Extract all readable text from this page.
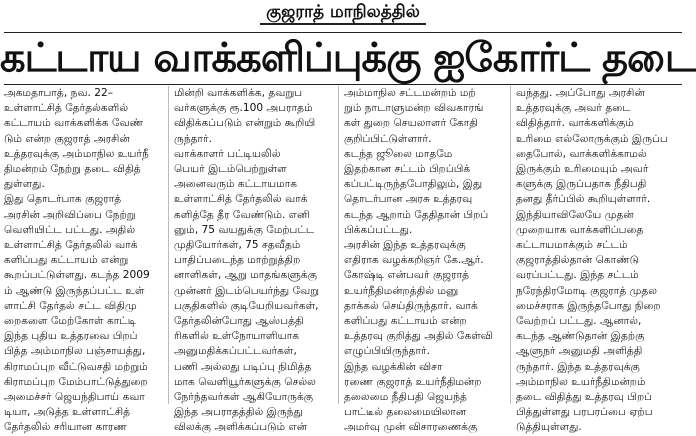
குஜராத் மாநிலத்தில்
கட்டாய வாக்களிப்புக்கு ஐகோர்ட் தடை
அகமதாபாத், நவ. 22–
உள்ளாட்சித் தேர்தல்களில்
கட்டாயம் வாக்களிக்க வேண்
டும் என்ற குஜராத் அரசின்
உத்தரவுக்கு அம்மாநில உயர்நீ
திமன்றம் நேற்று தடை விதித்
துள்ளது.
இது தொடர்பாக குஜராத்
அரசின் அறிவிப்பை நேற்று
வெளியிட்ட பட்டது. அதில்
உள்ளாட்சித் தேர்தலில் வாக்
களிப்பது கட்டாயம் என்று
கூறப்பட்டுள்ளது. கடந்த 2009
ம் ஆண்டு இருந்தப்பட்ட உள்
ளாட்சி தேர்தல் சட்ட விதிமு
றைகளை மேற்கோள் காட்டி
இந்த புதிய உத்தரவை பிறப்
பித்த அம்மாநில பஞ்சாயத்து,
கிராமப்புற வீட்டுவசதி மற்றும்
கிராமப்புற மேம்பாட்டுத்துறை
அமைச்சர் ஜெயந்திபாய் கவா
டியா, அடுத்த உள்ளாட்சித்
தேர்தலில் சரியான காரண
மின்றி வாக்களிக்க, தவறுப
வர்களுக்கு ரூ.100 அபராதம்
விதிக்கப்படும் என்றும் கூறியி
ருந்தார்.
வாக்காளர் பட்டியலில்
பெயர் இடம்பெற்றுள்ள
அனைவரும் கட்டாயமாக
உள்ளாட்சித் தேர்தலில் வாக்
களித்தே தீர வேண்டும். எனி
னும், 75 வயதுக்கு மேற்பட்ட
முதியோர்கள், 75 சதவீதம்
பாதிப்படைந்த மாற்றுத்திற
னாளிகள், ஆறு மாதங்களுக்கு
முன்னர் இடம்பெயர்ந்து வேறு
பகுதிகளில் குடியேறியவர்கள்,
தேர்தலின்போது ஆஸ்பத்தி
ரிகளில் உள்நோயாளியாக
அனுமதிக்கப்பட்டவர்கள்,
பணி அல்லது படிப்பு நிமித்த
மாக வெளியூர்களுக்கு செல்ல
நேர்ந்தவர்கள் ஆகியோருக்கு
இந்த அபராதத்தில் இருந்து
விலக்கு அளிக்கப்படும் என்
அம்மாநில சட்டமன்றம் மற்
றும் நாடாளுமன்ற விவகாரங்
கள் துறை செயலாளர் கோதி
குறிப்பிட்டுள்ளார்.
கடந்த ஜூலை மாதமே
இதற்கான சட்டம் பிறப்பிக்
கப்பட்டிருந்தபோதிலும், இது
தொடர்பான அரசு உத்தரவு
கடந்த ஆறாம் தேதிதான் பிறப்
பிக்கப்பட்டது.
அரசின் இந்த உத்தரவுக்கு
எதிராக வழக்கறிஞர் கே.ஆர்.
கோஷ்டி என்பவர் குஜராத்
உயர்நீதிமன்றத்தில் மனு
தாக்கல் செய்திருந்தார். வாக்
களிப்பது கட்டாயம் என்ற
உத்தரவு குறித்து அதில் கேள்வி
எழுப்பியிருந்தார்.
இந்த வழக்கின் விசா
ரணை குஜராத் உயர்நீதிமன்ற
தலைமை நீதிபதி ஜெயந்த்
பாட்டீல் தலைமையிலான
அமர்வு முன் விசாரணைக்கு
வந்தது. அப்போது அரசின்
உத்தரவுக்கு அவர் தடை
விதித்தார். வாக்களிக்கும்
உரிமை எல்லோருக்கும் இருப்ப
தைபோல், வாக்களிக்காமல்
இருக்கும் உரிமையும் அவர்
களுக்கு இருப்பதாக நீதிபதி
தனது தீர்ப்பில் கூறியுள்ளார்.
இந்தியாவிலேயே முதன்
முறையாக வாக்களிப்பதை
கட்டாயமாக்கும் சட்டம்
குஜராத்தில்தான் கொண்டு
வரப்பட்டது. இந்த சட்டம்
நரேந்திரமோடி குஜராத் முதல
மைச்சராக இருந்தபோது நிறை
வேற்றப் பட்டது. ஆனால்,
கடந்த ஆண்டுதான் இதற்கு
ஆளுநர் அனுமதி அளித்தி
ருந்தார். இந்த உத்தரவுக்கு
அம்மாநில உயர்நீதிமன்றம்
தடை விதித்து உத்தரவு பிறப்
பித்துள்ளது பரபரப்பை ஏற்ப
டுத்தியுள்ளது.
